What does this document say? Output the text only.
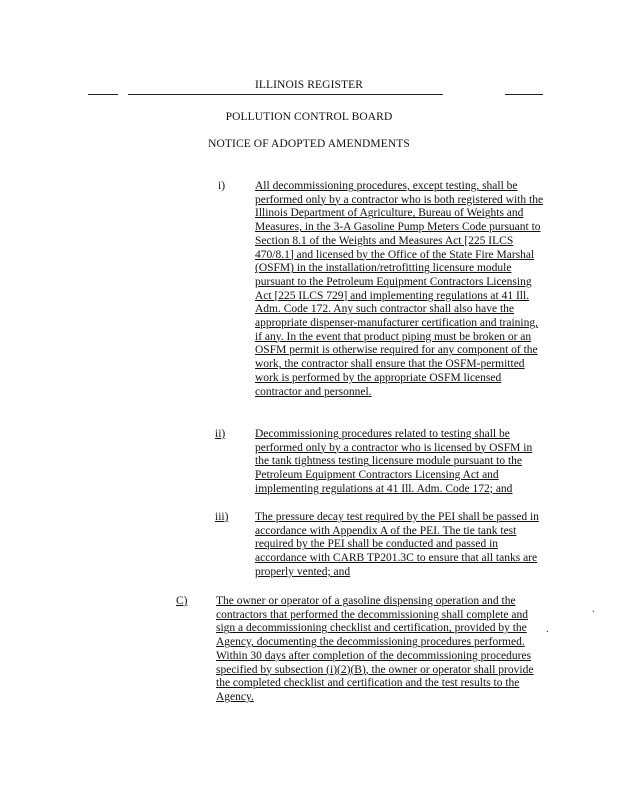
ILLINOIS REGISTER
POLLUTION CONTROL BOARD
NOTICE OF ADOPTED AMENDMENTS
i)	All decommissioning procedures, except testing, shall be performed only by a contractor who is both registered with the Illinois Department of Agriculture, Bureau of Weights and Measures, in the 3-A Gasoline Pump Meters Code pursuant to Section 8.1 of the Weights and Measures Act [225 ILCS 470/8.1] and licensed by the Office of the State Fire Marshal (OSFM) in the installation/retrofitting licensure module pursuant to the Petroleum Equipment Contractors Licensing Act [225 ILCS 729] and implementing regulations at 41 Ill. Adm. Code 172. Any such contractor shall also have the appropriate dispenser-manufacturer certification and training, if any. In the event that product piping must be broken or an OSFM permit is otherwise required for any component of the work, the contractor shall ensure that the OSFM-permitted work is performed by the appropriate OSFM licensed contractor and personnel.

ii)	Decommissioning procedures related to testing shall be performed only by a contractor who is licensed by OSFM in the tank tightness testing licensure module pursuant to the Petroleum Equipment Contractors Licensing Act and implementing regulations at 41 Ill. Adm. Code 172; and

iii) The pressure decay test required by the PEI shall be passed in accordance with Appendix A of the PEI. The tie tank test required by the PEI shall be conducted and passed in accordance with CARB TP201.3C to ensure that all tanks are properly vented; and

C) The owner or operator of a gasoline dispensing operation and the contractors that performed the decommissioning shall complete and sign a decommissioning checklist and certification, provided by the Agency, documenting the decommissioning procedures performed. Within 30 days after completion of the decommissioning procedures specified by subsection (i)(2)(B), the owner or operator shall provide the completed checklist and certification and the test results to the Agency.

.
.
